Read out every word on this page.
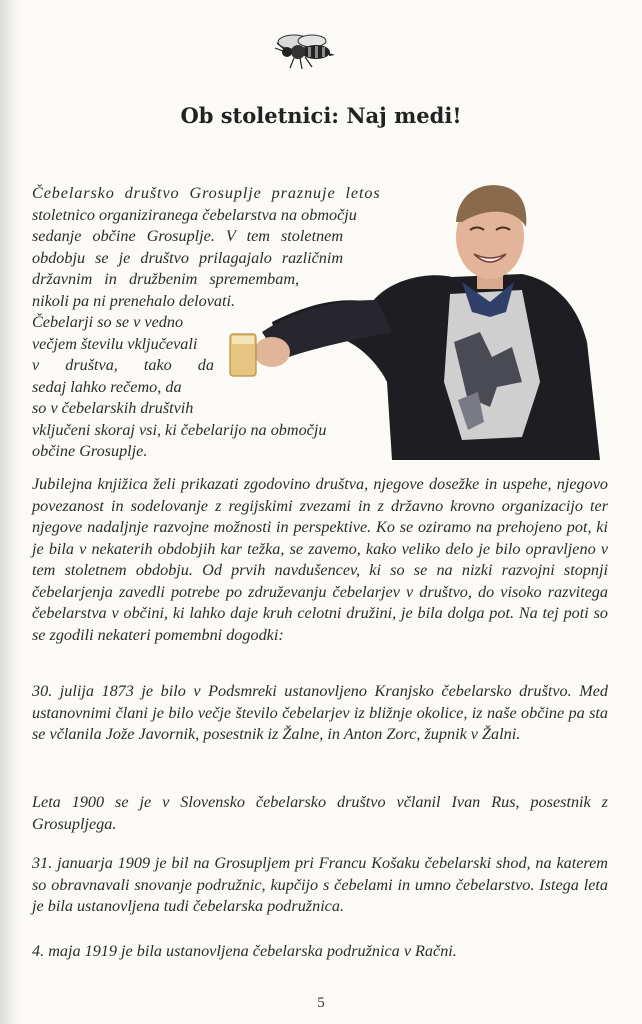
Ob stoletnici: Naj medi!
Čebelarsko društvo Grosuplje praznuje letos
stoletnico organiziranega čebelarstva na območju
sedanje občine Grosuplje. V tem stoletnem
obdobju se je društvo prilagajalo različnim
državnim in družbenim spremembam,
nikoli pa ni prenehalo delovati.
Čebelarji so se v vedno
večjem številu vključevali
v društva, tako da
sedaj lahko rečemo, da
so v čebelarskih društvih
vključeni skoraj vsi, ki čebelarijo na območju
občine Grosuplje.

Jubilejna knjižica želi prikazati zgodovino društva, njegove dosežke in uspehe, njegovo povezanost in sodelovanje z regijskimi zvezami in z državno krovno organizacijo ter njegove nadaljnje razvojne možnosti in perspektive. Ko se oziramo na prehojeno pot, ki je bila v nekaterih obdobjih kar težka, se zavemo, kako veliko delo je bilo opravljeno v tem stoletnem obdobju. Od prvih navdušencev, ki so se na nizki razvojni stopnji čebelarjenja zavedli potrebe po združevanju čebelarjev v društvo, do visoko razvitega čebelarstva v občini, ki lahko daje kruh celotni družini, je bila dolga pot. Na tej poti so se zgodili nekateri pomembni dogodki:

30. julija 1873 je bilo v Podsmreki ustanovljeno Kranjsko čebelarsko društvo. Med ustanovnimi člani je bilo večje število čebelarjev iz bližnje okolice, iz naše občine pa sta se včlanila Jože Javornik, posestnik iz Žalne, in Anton Zorc, župnik v Žalni.

Leta 1900 se je v Slovensko čebelarsko društvo včlanil Ivan Rus, posestnik z Grosupljega.

31. januarja 1909 je bil na Grosupljem pri Francu Košaku čebelarski shod, na katerem so obravnavali snovanje podružnic, kupčijo s čebelami in umno čebelarstvo. Istega leta je bila ustanovljena tudi čebelarska podružnica.

4. maja 1919 je bila ustanovljena čebelarska podružnica v Račni.

5
